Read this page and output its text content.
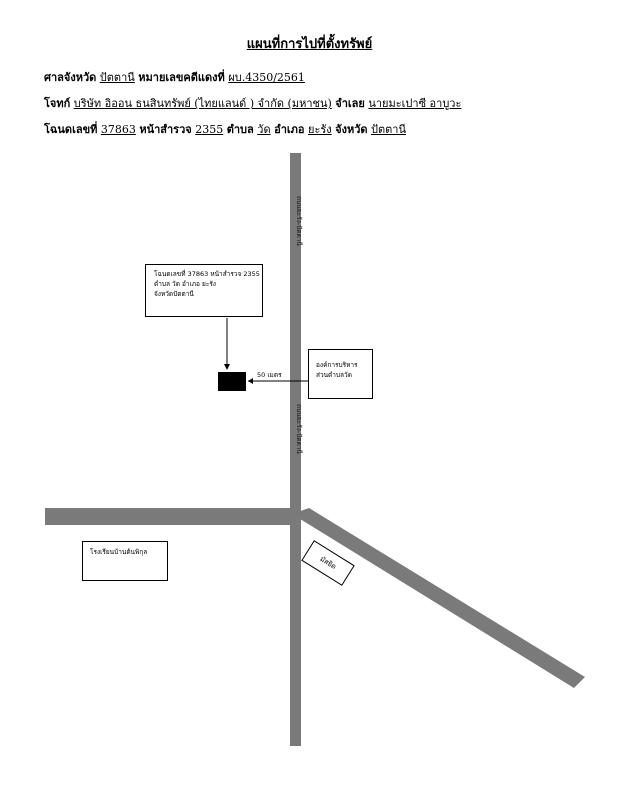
แผนที่การไปที่ตั้งทรัพย์
ศาลจังหวัด ปัตตานี หมายเลขคดีแดงที่ ผบ.4350/2561
โจทก์ บริษัท อิออน ธนสินทรัพย์ (ไทยแลนด์ ) จำกัด (มหาชน) จำเลย นายมะเปาซี อาบูวะ
โฉนดเลขที่ 37863 หน้าสำรวจ 2355 ตำบล วัด อำเภอ ยะรัง จังหวัด ปัตตานี
ถนนยะรัง-ปัตตานี
ถนนยะรัง-ปัตตานี
โฉนดเลขที่ 37863 หน้าสำรวจ 2355
ตำบล วัด อำเภอ ยะรัง
จังหวัดปัตตานี
50 เมตร
องค์การบริหาร
ส่วนตำบลวัด
โรงเรียนบ้านต้นพิกุล
มัสยิด
